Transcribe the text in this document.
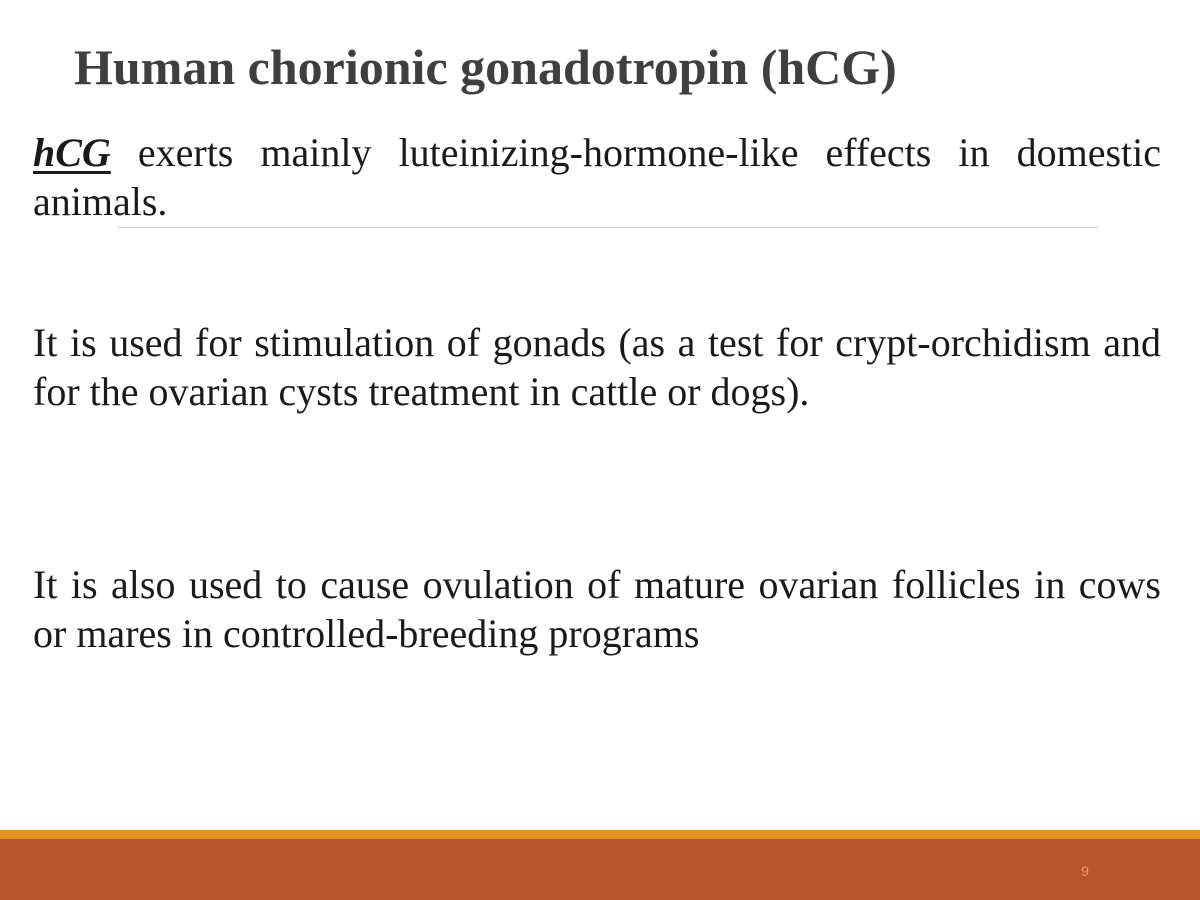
Human chorionic gonadotropin (hCG)

hCG exerts mainly luteinizing-hormone-like effects in domestic animals.

It is used for stimulation of gonads (as a test for crypt-orchidism and for the ovarian cysts treatment in cattle or dogs).

It is also used to cause ovulation of mature ovarian follicles in cows or mares in controlled-breeding programs

9
